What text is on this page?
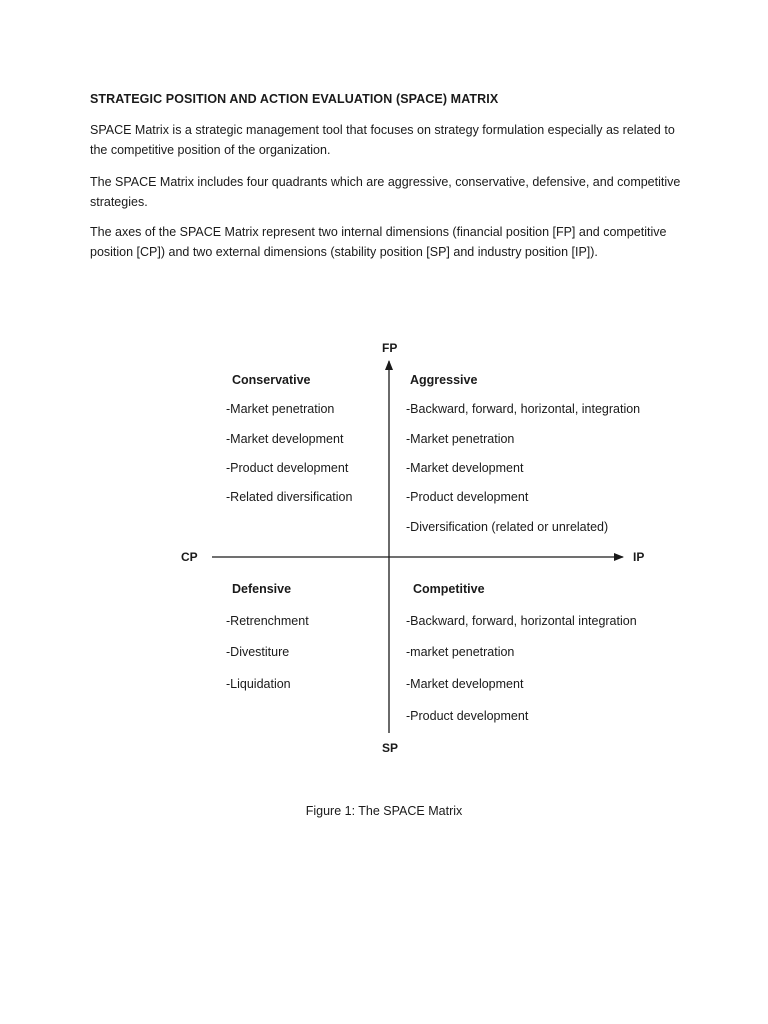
STRATEGIC POSITION AND ACTION EVALUATION (SPACE) MATRIX
SPACE Matrix is a strategic management tool that focuses on strategy formulation especially as related to the competitive position of the organization.
The SPACE Matrix includes four quadrants which are aggressive, conservative, defensive, and competitive strategies.
The axes of the SPACE Matrix represent two internal dimensions (financial position [FP] and competitive position [CP]) and two external dimensions (stability position [SP] and industry position [IP]).
FP
SP
CP	IP
Conservative
-Market penetration
-Market development
-Product development
-Related diversification
Aggressive
-Backward, forward, horizontal, integration
-Market penetration
-Market development
-Product development
-Diversification (related or unrelated)
Defensive
-Retrenchment
-Divestiture
-Liquidation
Competitive
-Backward, forward, horizontal integration
-market penetration
-Market development
-Product development
Figure 1: The SPACE Matrix
